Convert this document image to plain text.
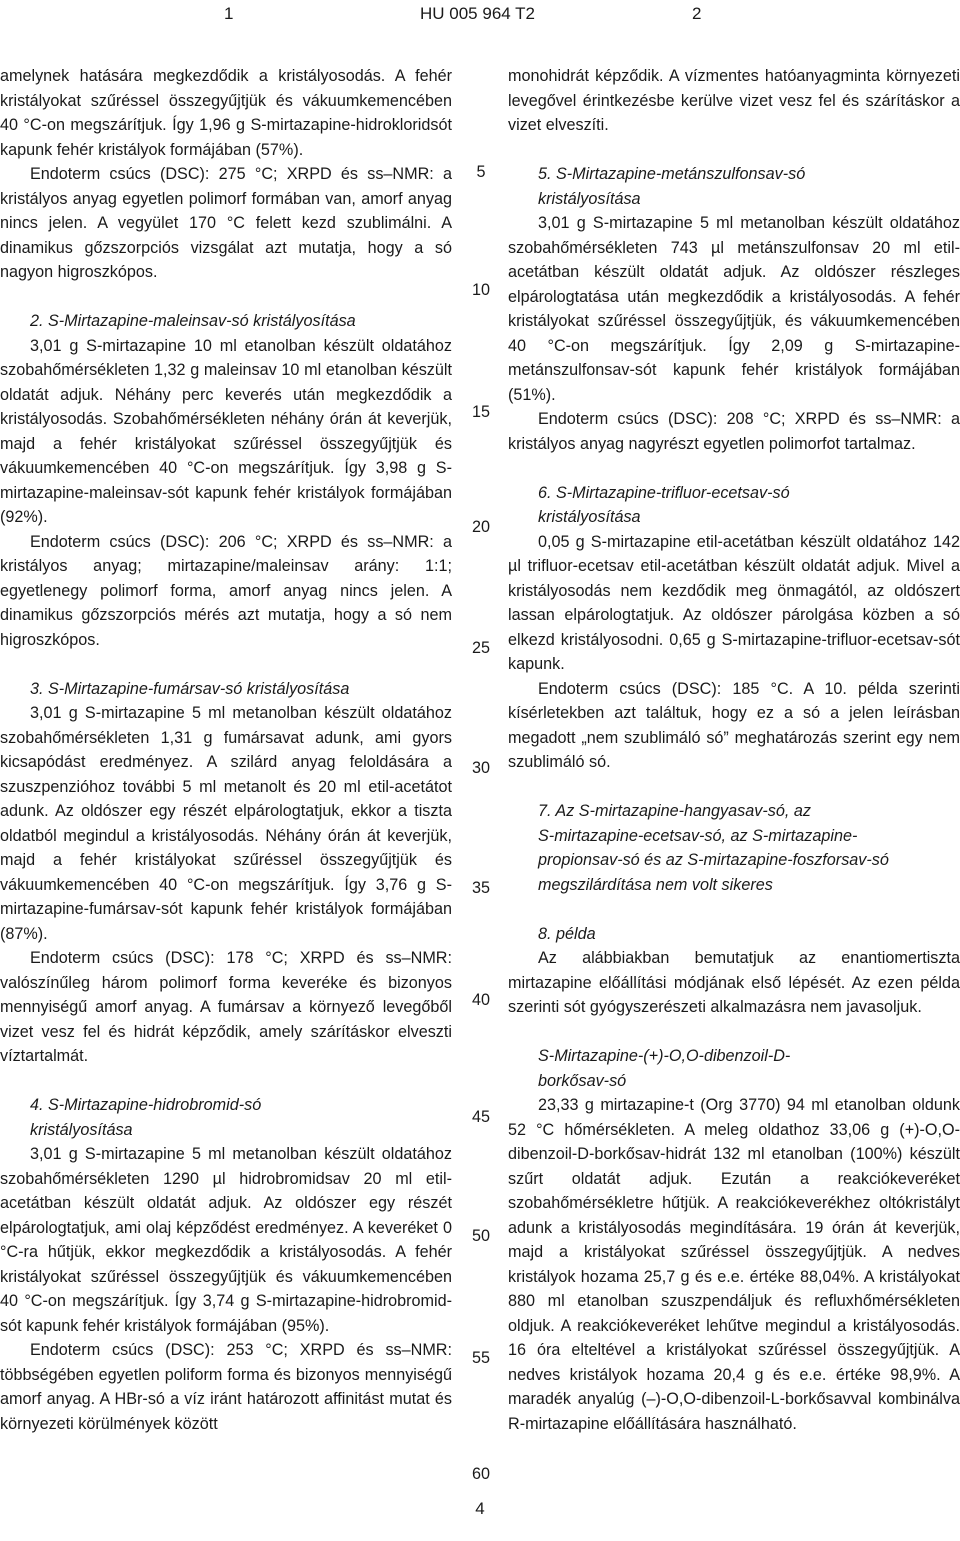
1	HU 005 964 T2	2

amelynek hatására megkezdődik a kristályosodás. A fehér kristályokat szűréssel összegyűjtjük és vákuumkemencében 40 °C-on megszárítjuk. Így 1,96 g S-mirtazapine-hidrokloridsót kapunk fehér kristályok formájában (57%).

Endoterm csúcs (DSC): 275 °C; XRPD és ss–NMR: a kristályos anyag egyetlen polimorf formában van, amorf anyag nincs jelen. A vegyület 170 °C felett kezd szublimálni. A dinamikus gőzszorpciós vizsgálat azt mutatja, hogy a só nagyon higroszkópos.

2. S-Mirtazapine-maleinsav-só kristályosítása

3,01 g S-mirtazapine 10 ml etanolban készült oldatához szobahőmérsékleten 1,32 g maleinsav 10 ml etanolban készült oldatát adjuk. Néhány perc keverés után megkezdődik a kristályosodás. Szobahőmérsékleten néhány órán át keverjük, majd a fehér kristályokat szűréssel összegyűjtjük és vákuumkemencében 40 °C-on megszárítjuk. Így 3,98 g S-mirtazapine-maleinsav-sót kapunk fehér kristályok formájában (92%).

Endoterm csúcs (DSC): 206 °C; XRPD és ss–NMR: a kristályos anyag; mirtazapine/maleinsav arány: 1:1; egyetlenegy polimorf forma, amorf anyag nincs jelen. A dinamikus gőzszorpciós mérés azt mutatja, hogy a só nem higroszkópos.

3. S-Mirtazapine-fumársav-só kristályosítása

3,01 g S-mirtazapine 5 ml metanolban készült oldatához szobahőmérsékleten 1,31 g fumársavat adunk, ami gyors kicsapódást eredményez. A szilárd anyag feloldására a szuszpenzióhoz további 5 ml metanolt és 20 ml etil-acetátot adunk. Az oldószer egy részét elpárologtatjuk, ekkor a tiszta oldatból megindul a kristályosodás. Néhány órán át keverjük, majd a fehér kristályokat szűréssel összegyűjtjük és vákuumkemencében 40 °C-on megszárítjuk. Így 3,76 g S-mirtazapine-fumársav-sót kapunk fehér kristályok formájában (87%).

Endoterm csúcs (DSC): 178 °C; XRPD és ss–NMR: valószínűleg három polimorf forma keveréke és bizonyos mennyiségű amorf anyag. A fumársav a környező levegőből vizet vesz fel és hidrát képződik, amely szárításkor elveszti víztartalmát.

4. S-Mirtazapine-hidrobromid-só

kristályosítása

3,01 g S-mirtazapine 5 ml metanolban készült oldatához szobahőmérsékleten 1290 µl hidrobromidsav 20 ml etil-acetátban készült oldatát adjuk. Az oldószer egy részét elpárologtatjuk, ami olaj képződést eredményez. A keveréket 0 °C-ra hűtjük, ekkor megkezdődik a kristályosodás. A fehér kristályokat szűréssel összegyűjtjük és vákuumkemencében 40 °C-on megszárítjuk. Így 3,74 g S-mirtazapine-hidrobromid-sót kapunk fehér kristályok formájában (95%).

Endoterm csúcs (DSC): 253 °C; XRPD és ss–NMR: többségében egyetlen poliform forma és bizonyos mennyiségű amorf anyag. A HBr-só a víz iránt határozott affinitást mutat és környezeti körülmények között

5
10
15
20
25
30
35
40
45
50
55
60

monohidrát képződik. A vízmentes hatóanyagminta környezeti levegővel érintkezésbe kerülve vizet vesz fel és szárításkor a vizet elveszíti.

5. S-Mirtazapine-metánszulfonsav-só

kristályosítása

3,01 g S-mirtazapine 5 ml metanolban készült oldatához szobahőmérsékleten 743 µl metánszulfonsav 20 ml etil-acetátban készült oldatát adjuk. Az oldószer részleges elpárologtatása után megkezdődik a kristályosodás. A fehér kristályokat szűréssel összegyűjtjük, és vákuumkemencében 40 °C-on megszárítjuk. Így 2,09 g S-mirtazapine-metánszulfonsav-sót kapunk fehér kristályok formájában (51%).

Endoterm csúcs (DSC): 208 °C; XRPD és ss–NMR: a kristályos anyag nagyrészt egyetlen polimorfot tartalmaz.

6. S-Mirtazapine-trifluor-ecetsav-só

kristályosítása

0,05 g S-mirtazapine etil-acetátban készült oldatához 142 µl trifluor-ecetsav etil-acetátban készült oldatát adjuk. Mivel a kristályosodás nem kezdődik meg önmagától, az oldószert lassan elpárologtatjuk. Az oldószer párolgása közben a só elkezd kristályosodni. 0,65 g S-mirtazapine-trifluor-ecetsav-sót kapunk.

Endoterm csúcs (DSC): 185 °C. A 10. példa szerinti kísérletekben azt találtuk, hogy ez a só a jelen leírásban megadott „nem szublimáló só” meghatározás szerint egy nem szublimáló só.

7. Az S-mirtazapine-hangyasav-só, az

S-mirtazapine-ecetsav-só, az S-mirtazapine-

propionsav-só és az S-mirtazapine-foszforsav-só

megszilárdítása nem volt sikeres

8. példa

Az alábbiakban bemutatjuk az enantiomertiszta mirtazapine előállítási módjának első lépését. Az ezen példa szerinti sót gyógyszerészeti alkalmazásra nem javasoljuk.

S-Mirtazapine-(+)-O,O-dibenzoil-D-

borkősav-só

23,33 g mirtazapine-t (Org 3770) 94 ml etanolban oldunk 52 °C hőmérsékleten. A meleg oldathoz 33,06 g (+)-O,O-dibenzoil-D-borkősav-hidrát 132 ml etanolban (100%) készült szűrt oldatát adjuk. Ezután a reakciókeveréket szobahőmérsékletre hűtjük. A reakciókeverékhez oltókristályt adunk a kristályosodás megindítására. 19 órán át keverjük, majd a kristályokat szűréssel összegyűjtjük. A nedves kristályok hozama 25,7 g és e.e. értéke 88,04%. A kristályokat 880 ml etanolban szuszpendáljuk és refluxhőmérsékleten oldjuk. A reakciókeveréket lehűtve megindul a kristályosodás. 16 óra elteltével a kristályokat szűréssel összegyűjtjük. A nedves kristályok hozama 20,4 g és e.e. értéke 98,9%. A maradék anyalúg (–)-O,O-dibenzoil-L-borkősavval kombinálva R-mirtazapine előállítására használható.

4
